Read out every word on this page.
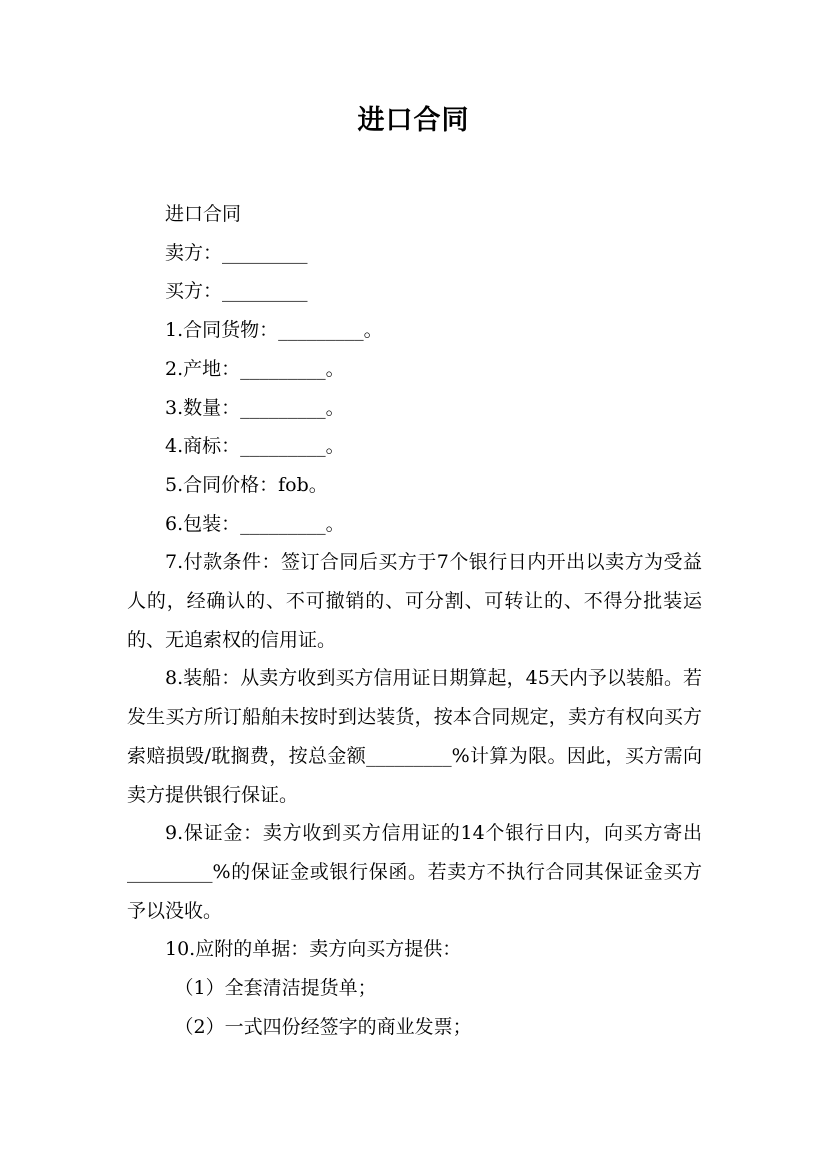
进口合同

进口合同

卖方：_________

买方：_________

1.合同货物：_________。

2.产地：_________。

3.数量：_________。

4.商标：_________。

5.合同价格：fob。

6.包装：_________。

7.付款条件：签订合同后买方于7个银行日内开出以卖方为受益人的，经确认的、不可撤销的、可分割、可转让的、不得分批装运的、无追索权的信用证。

8.装船：从卖方收到买方信用证日期算起，45天内予以装船。若发生买方所订船舶未按时到达装货，按本合同规定，卖方有权向买方索赔损毁/耽搁费，按总金额_________%计算为限。因此，买方需向卖方提供银行保证。

9.保证金：卖方收到买方信用证的14个银行日内，向买方寄出_________%的保证金或银行保函。若卖方不执行合同其保证金买方予以没收。

10.应附的单据：卖方向买方提供：

（1）全套清洁提货单；

（2）一式四份经签字的商业发票；
